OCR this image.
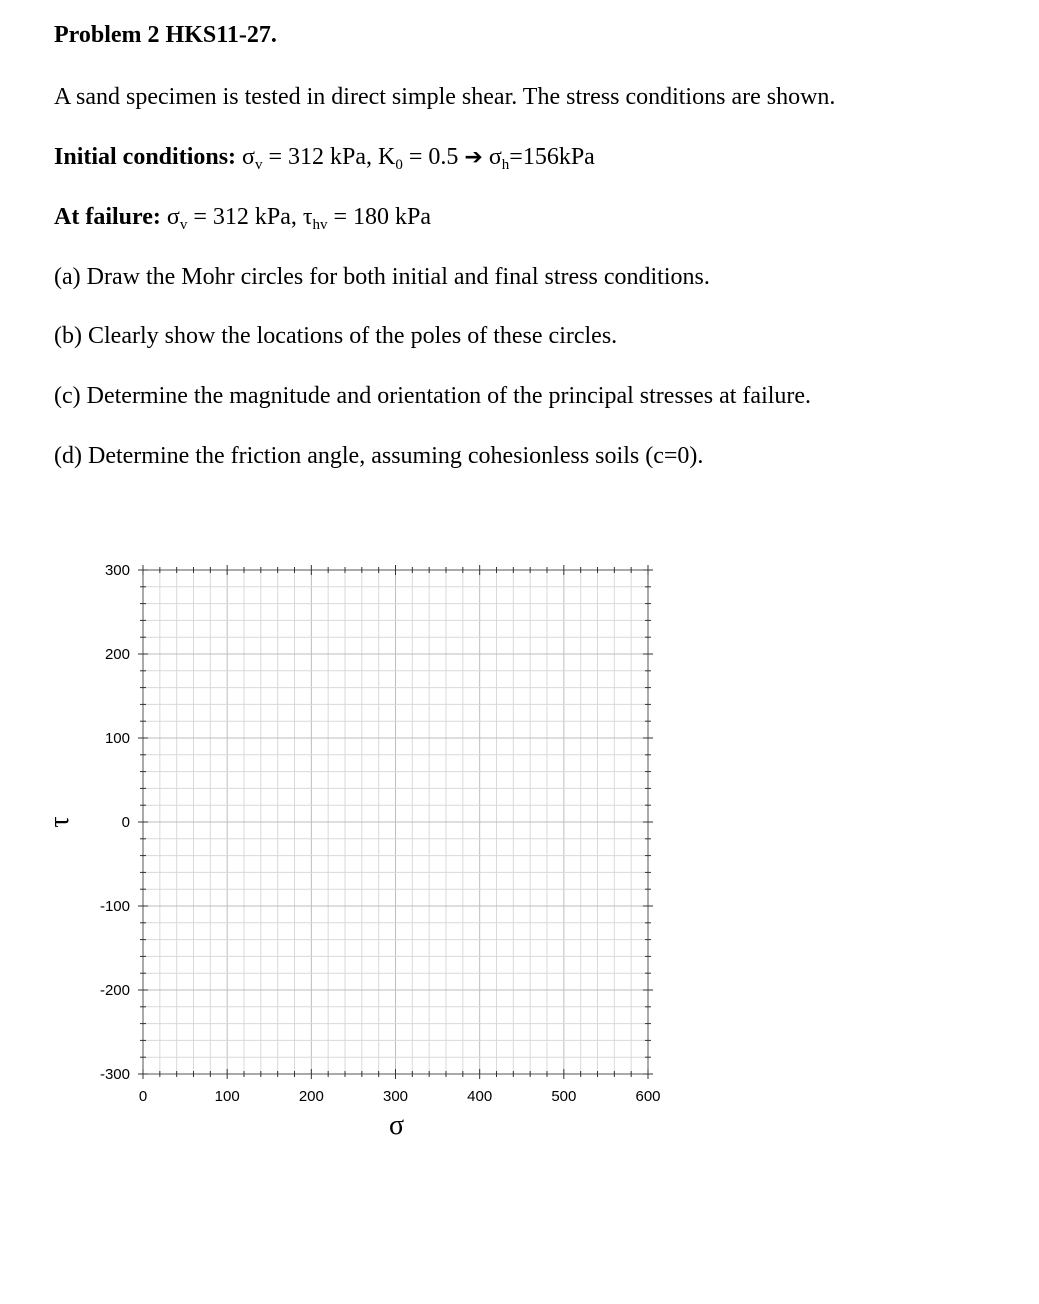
Problem 2 HKS11-27.
A sand specimen is tested in direct simple shear. The stress conditions are shown.
Initial conditions: $\sigma_v = 312$ kPa, $K_0 = 0.5$ ➔ $\sigma_h=156kPa$
At failure: $\sigma_v = 312$ kPa, $\tau_{hv} = 180$ kPa
(a) Draw the Mohr circles for both initial and final stress conditions.
(b) Clearly show the locations of the poles of these circles.
(c) Determine the magnitude and orientation of the principal stresses at failure.
(d) Determine the friction angle, assuming cohesionless soils (c=0).
0	100	200	300	400	500	600
300
200
100
0
-100
-200
-300
σ
τ
